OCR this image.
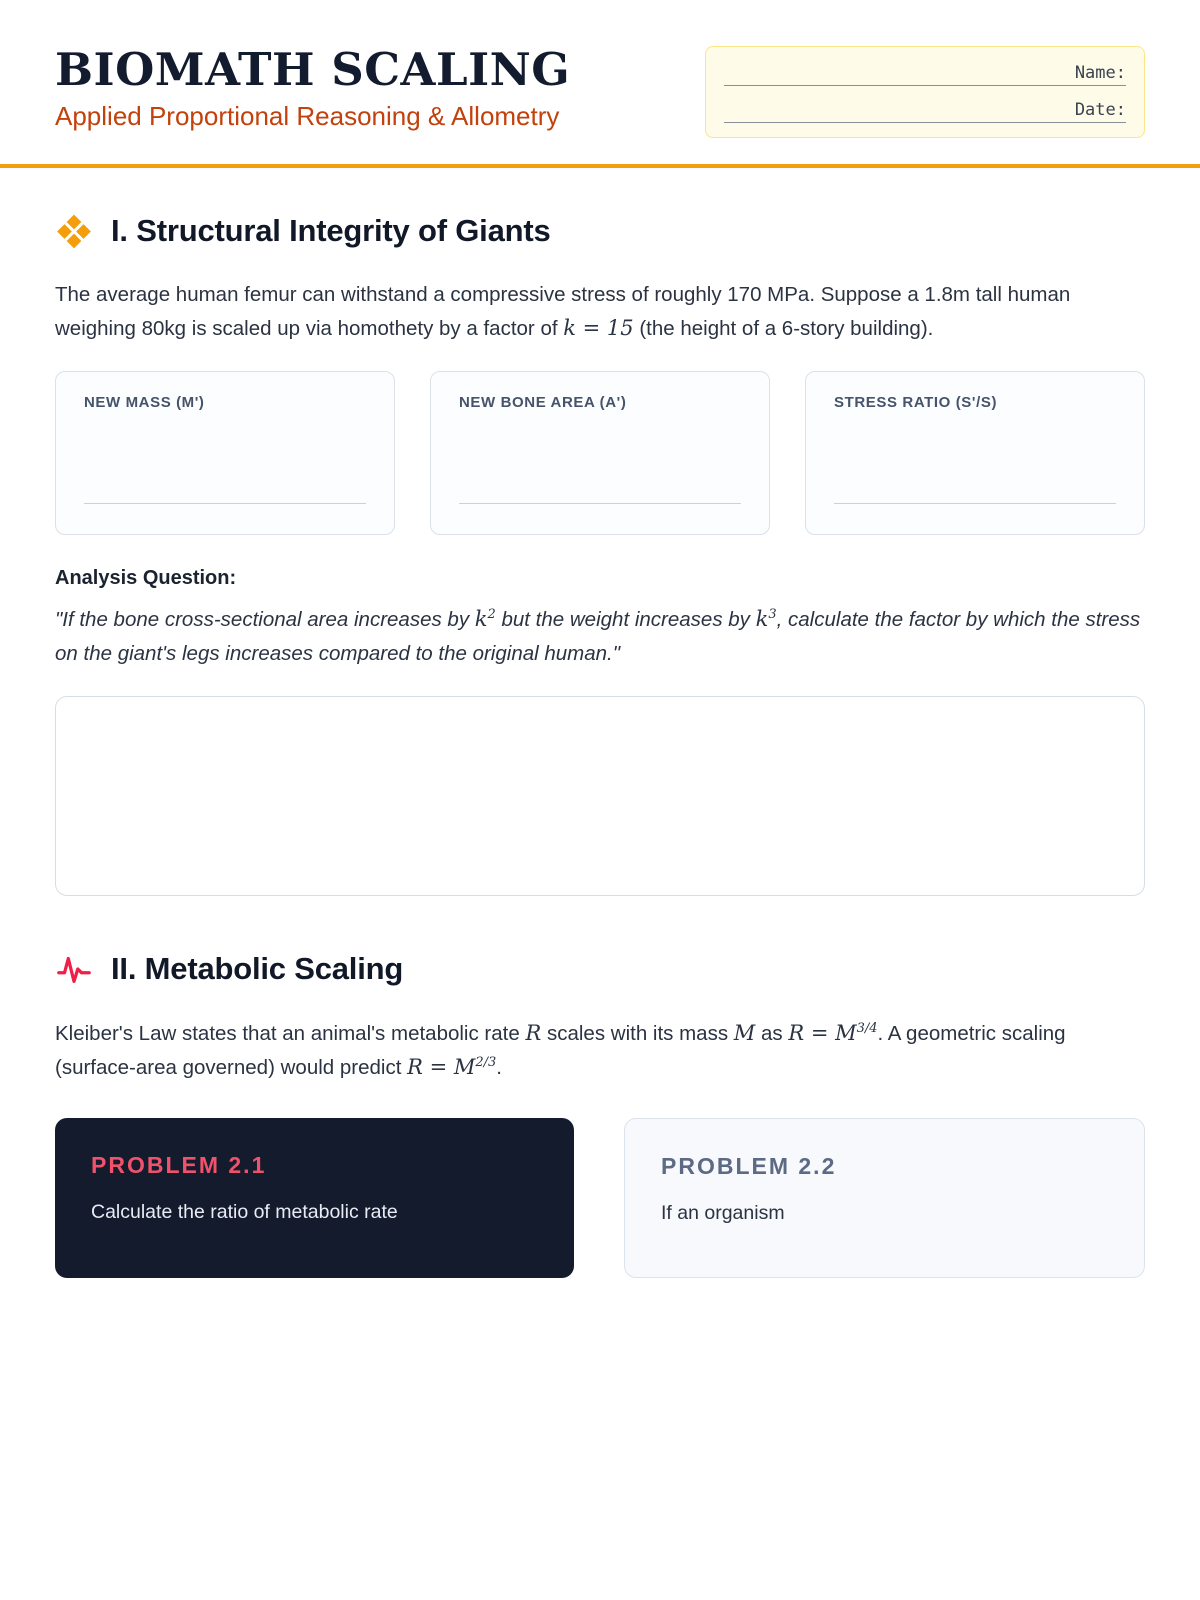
BIOMATH SCALING

Applied Proportional Reasoning & Allometry

Name:
Date:
I. Structural Integrity of Giants

The average human femur can withstand a compressive stress of roughly 170 MPa. Suppose a 1.8m tall human weighing 80kg is scaled up via homothety by a factor of k = 15 (the height of a 6-story building).

NEW MASS (M')	NEW BONE AREA (A')	STRESS RATIO (S'/S)

Analysis Question:

"If the bone cross-sectional area increases by $k^2$ but the weight increases by $k^3$, calculate the factor by which the stress on the giant's legs increases compared to the original human."

II. Metabolic Scaling

Kleiber's Law states that an animal's metabolic rate R scales with its mass M as $R = M^{3/4}$. A geometric scaling (surface-area governed) would predict $R = M^{2/3}$.

PROBLEM 2.1

Calculate the ratio of metabolic rate

PROBLEM 2.2

If an organism
